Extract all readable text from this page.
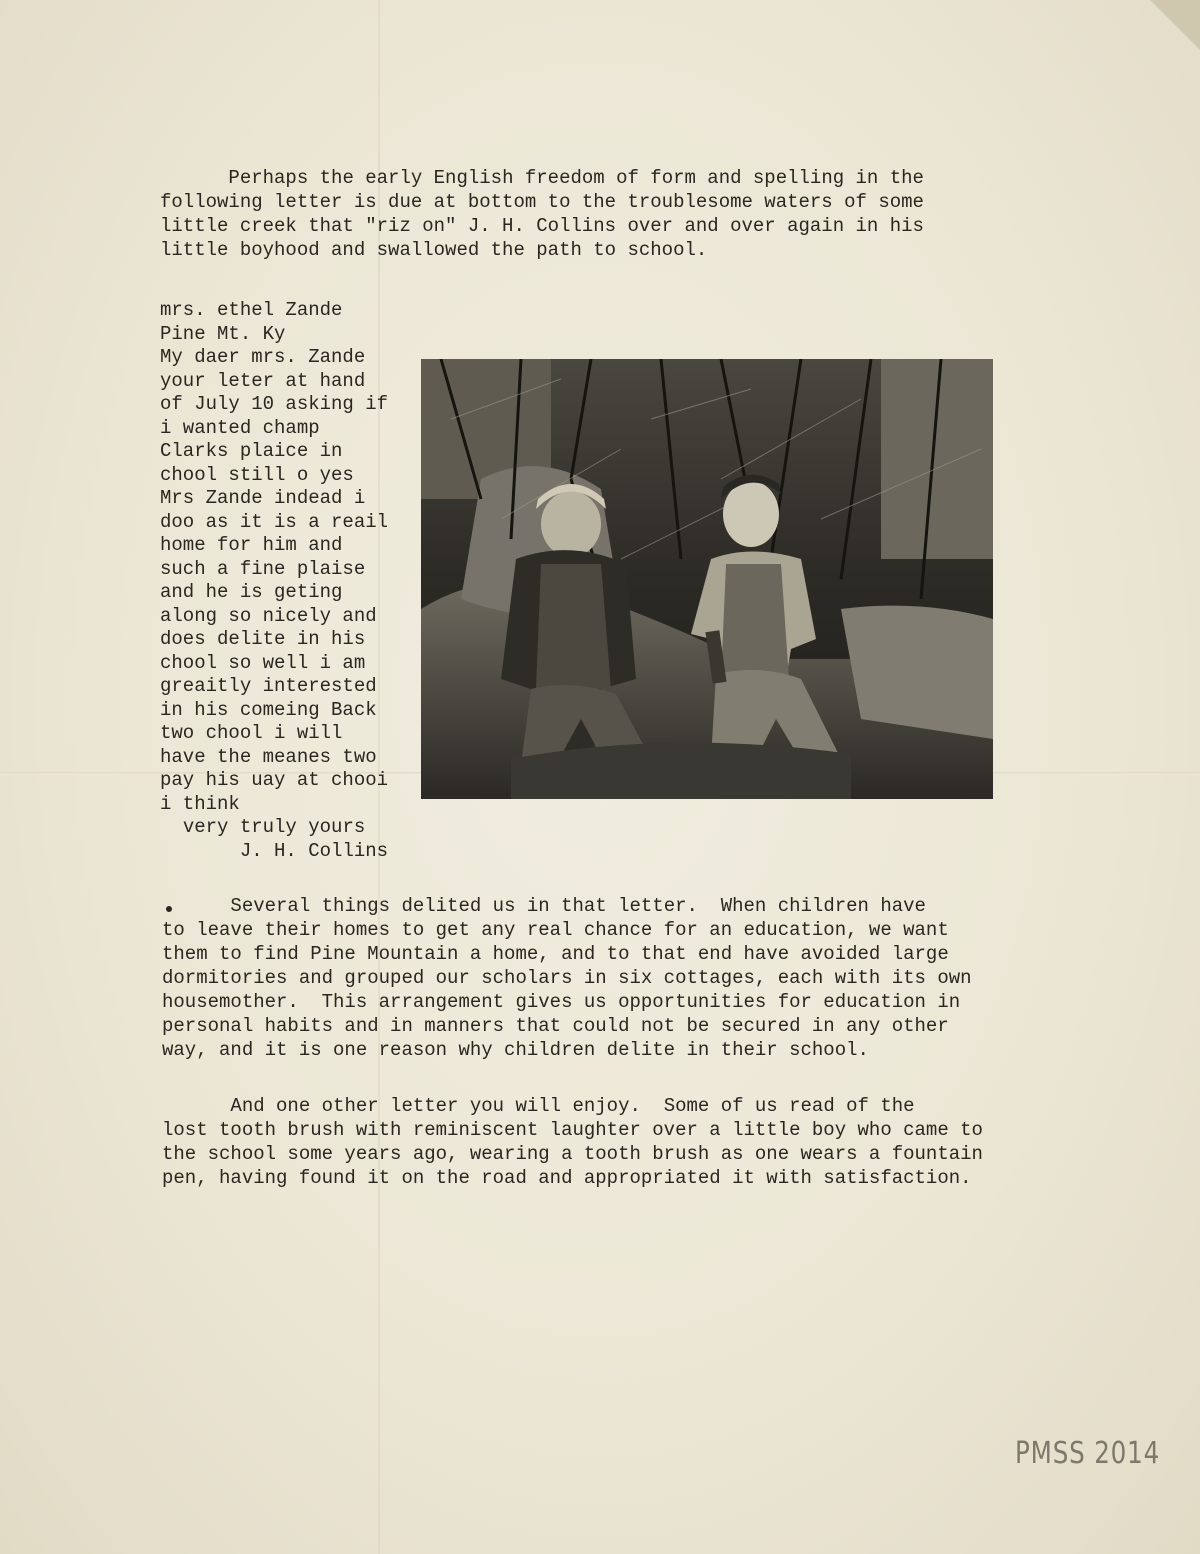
Perhaps the early English freedom of form and spelling in the
following letter is due at bottom to the troublesome waters of some
little creek that "riz on" J. H. Collins over and over again in his
little boyhood and swallowed the path to school.

mrs. ethel Zande
Pine Mt. Ky
My daer mrs. Zande
your leter at hand
of July 10 asking if
i wanted champ
Clarks plaice in
chool still o yes
Mrs Zande indead i
doo as it is a reail
home for him and
such a fine plaise
and he is geting
along so nicely and
does delite in his
chool so well i am
greaitly interested
in his comeing Back
two chool i will
have the meanes two
pay his uay at chooi
i think
very truly yours
J. H. Collins

Several things delited us in that letter.  When children have
to leave their homes to get any real chance for an education, we want
them to find Pine Mountain a home, and to that end have avoided large
dormitories and grouped our scholars in six cottages, each with its own
housemother.  This arrangement gives us opportunities for education in
personal habits and in manners that could not be secured in any other
way, and it is one reason why children delite in their school.

And one other letter you will enjoy.  Some of us read of the
lost tooth brush with reminiscent laughter over a little boy who came to
the school some years ago, wearing a tooth brush as one wears a fountain
pen, having found it on the road and appropriated it with satisfaction.

PMSS 2014
